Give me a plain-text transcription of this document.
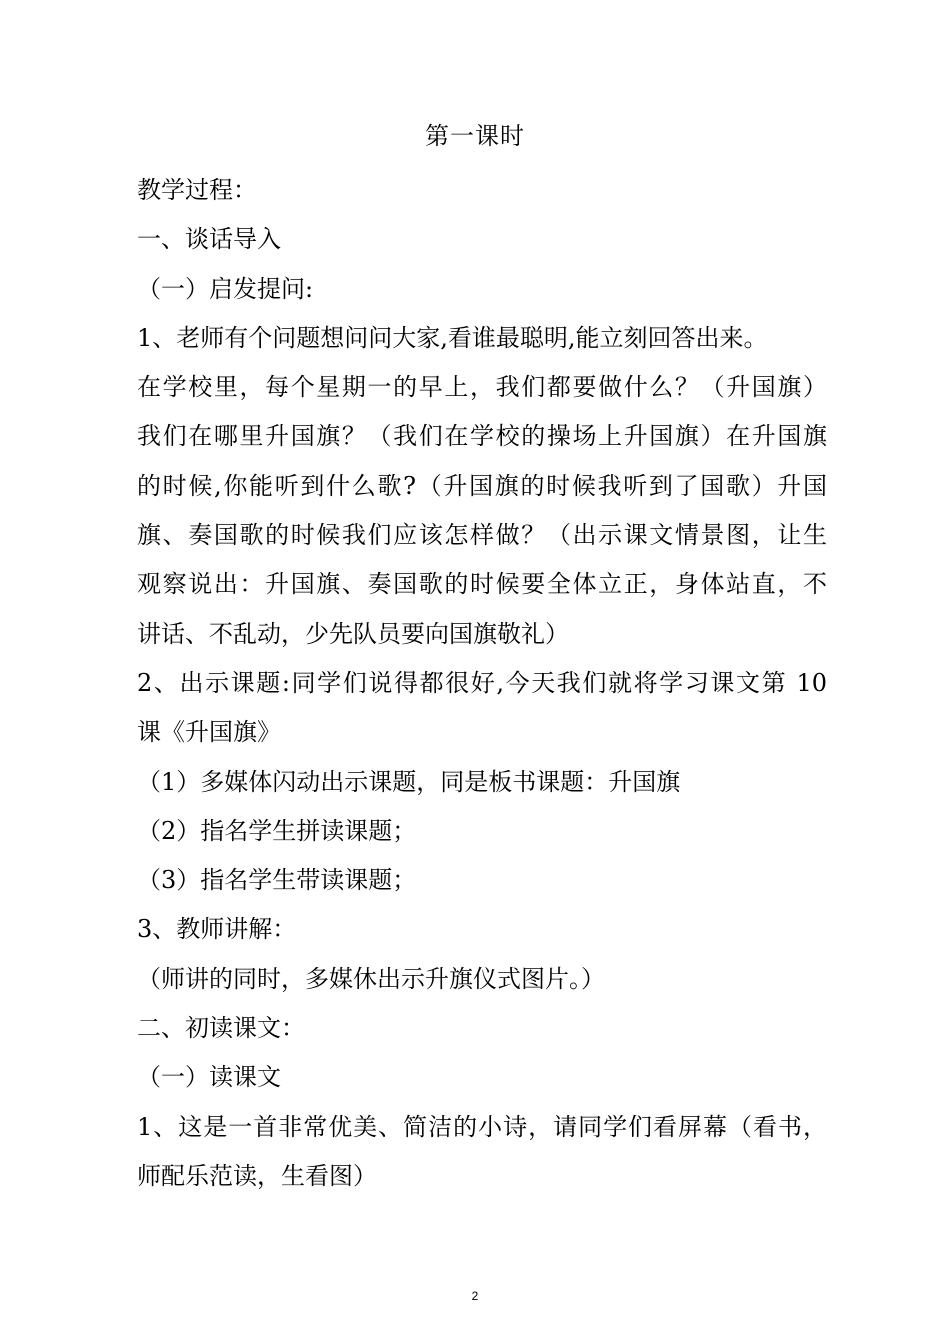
第一课时
教学过程：
一、谈话导入
（一）启发提问:
1、老师有个问题想问问大家,看谁最聪明,能立刻回答出来。
在学校里，每个星期一的早上，我们都要做什么？（升国旗）
我们在哪里升国旗？（我们在学校的操场上升国旗）在升国旗
的时候,你能听到什么歌?（升国旗的时候我听到了国歌）升国
旗、奏国歌的时候我们应该怎样做？（出示课文情景图，让生
观察说出：升国旗、奏国歌的时候要全体立正，身体站直，不
讲话、不乱动，少先队员要向国旗敬礼）
2、出示课题:同学们说得都很好,今天我们就将学习课文第 10
课《升国旗》
（1）多媒体闪动出示课题，同是板书课题：升国旗
（2）指名学生拼读课题；
（3）指名学生带读课题；
3、教师讲解：
（师讲的同时，多媒休出示升旗仪式图片。）
二、初读课文：
（一）读课文
1、这是一首非常优美、简洁的小诗，请同学们看屏幕（看书，
师配乐范读，生看图）
2
